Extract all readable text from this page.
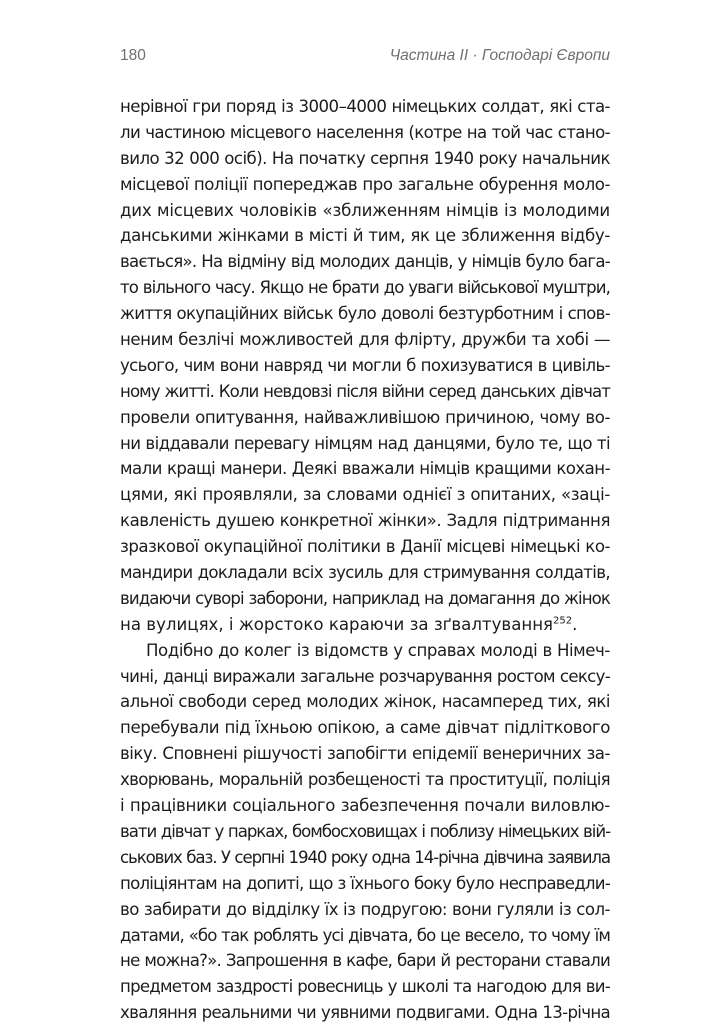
180	Частина II · Господарі Європи
нерівної гри поряд із 3000–4000 німецьких солдат, які ста-
ли частиною місцевого населення (котре на той час стано-
вило 32 000 осіб). На початку серпня 1940 року начальник
місцевої поліції попереджав про загальне обурення моло-
дих місцевих чоловіків «зближенням німців із молодими
данськими жінками в місті й тим, як це зближення відбу-
вається». На відміну від молодих данців, у німців було бага-
то вільного часу. Якщо не брати до уваги військової муштри,
життя окупаційних військ було доволі безтурботним і спов-
неним безлічі можливостей для флірту, дружби та хобі —
усього, чим вони навряд чи могли б похизуватися в цивіль-
ному житті. Коли невдовзі після війни серед данських дівчат
провели опитування, найважливішою причиною, чому во-
ни віддавали перевагу німцям над данцями, було те, що ті
мали кращі манери. Деякі вважали німців кращими кохан-
цями, які проявляли, за словами однієї з опитаних, «заці-
кавленість душею конкретної жінки». Задля підтримання
зразкової окупаційної політики в Данії місцеві німецькі ко-
мандири докладали всіх зусиль для стримування солдатів,
видаючи суворі заборони, наприклад на домагання до жінок
на вулицях, і жорстоко караючи за зґвалтування$^{252}$.
Подібно до колег із відомств у справах молоді в Німеч-
чині, данці виражали загальне розчарування ростом сексу-
альної свободи серед молодих жінок, насамперед тих, які
перебували під їхньою опікою, а саме дівчат підліткового
віку. Сповнені рішучості запобігти епідемії венеричних за-
хворювань, моральній розбещеності та проституції, поліція
і працівники соціального забезпечення почали виловлю-
вати дівчат у парках, бомбосховищах і поблизу німецьких вій-
ськових баз. У серпні 1940 року одна 14-річна дівчина заявила
поліціянтам на допиті, що з їхнього боку було несправедли-
во забирати до відділку їх із подругою: вони гуляли із сол-
датами, «бо так роблять усі дівчата, бо це весело, то чому їм
не можна?». Запрошення в кафе, бари й ресторани ставали
предметом заздрості ровесниць у школі та нагодою для ви-
хваляння реальними чи уявними подвигами. Одна 13-річна
